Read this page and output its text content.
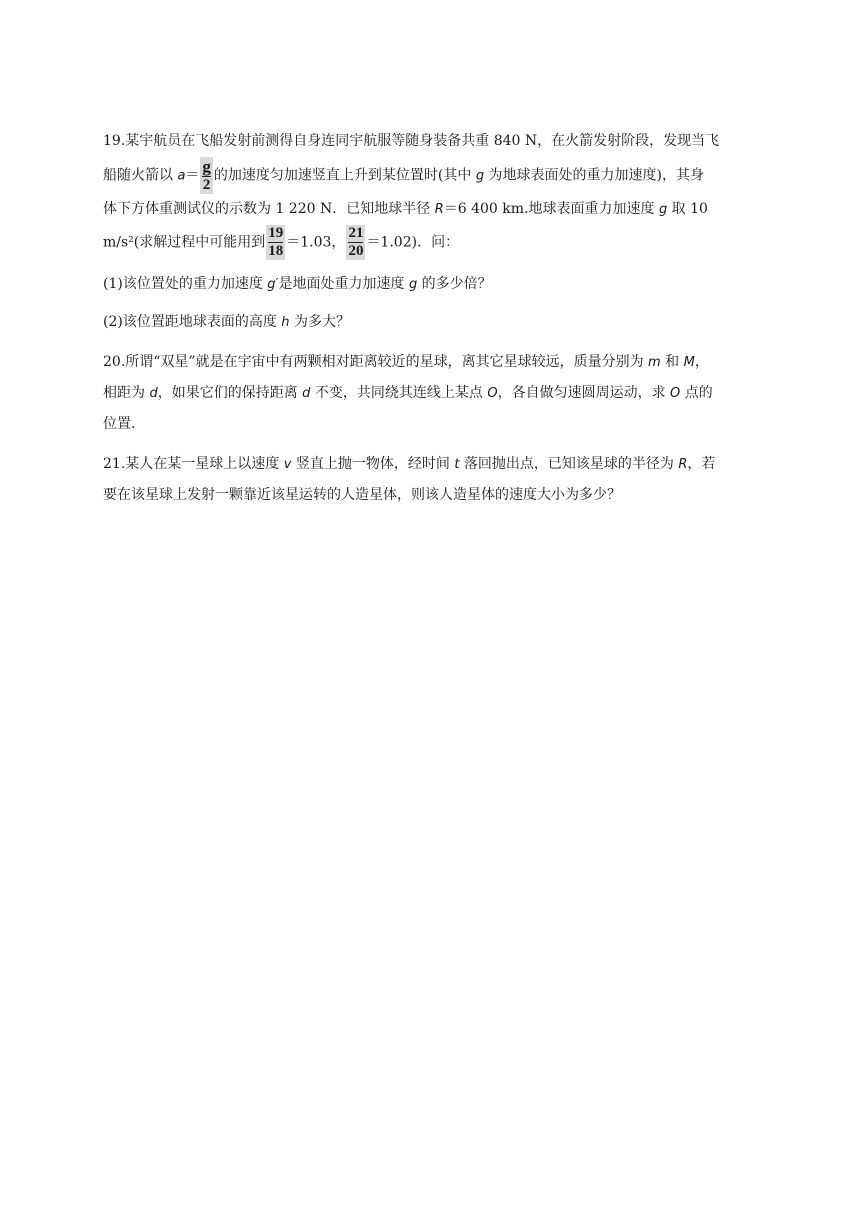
19.某宇航员在飞船发射前测得自身连同宇航服等随身装备共重 840 N，在火箭发射阶段，发现当飞
船随火箭以 $a= \frac{g}{2}$ 的加速度匀加速竖直上升到某位置时(其中 g 为地球表面处的重力加速度)，其身
体下方体重测试仪的示数为 1 220 N．已知地球半径 R＝6 400 km.地球表面重力加速度 g 取 10
m/s²(求解过程中可能用到 $\frac{19}{18} =1.03$， $\frac{21}{20} =1.02$)．问：
(1)该位置处的重力加速度 g′是地面处重力加速度 g 的多少倍？
(2)该位置距地球表面的高度 h 为多大？
20.所谓“双星”就是在宇宙中有两颗相对距离较近的星球，离其它星球较远，质量分别为 m 和 M，
相距为 d，如果它们的保持距离 d 不变，共同绕其连线上某点 O，各自做匀速圆周运动，求 O 点的
位置.
21.某人在某一星球上以速度 v 竖直上抛一物体，经时间 t 落回抛出点，已知该星球的半径为 R，若
要在该星球上发射一颗靠近该星运转的人造星体，则该人造星体的速度大小为多少？
